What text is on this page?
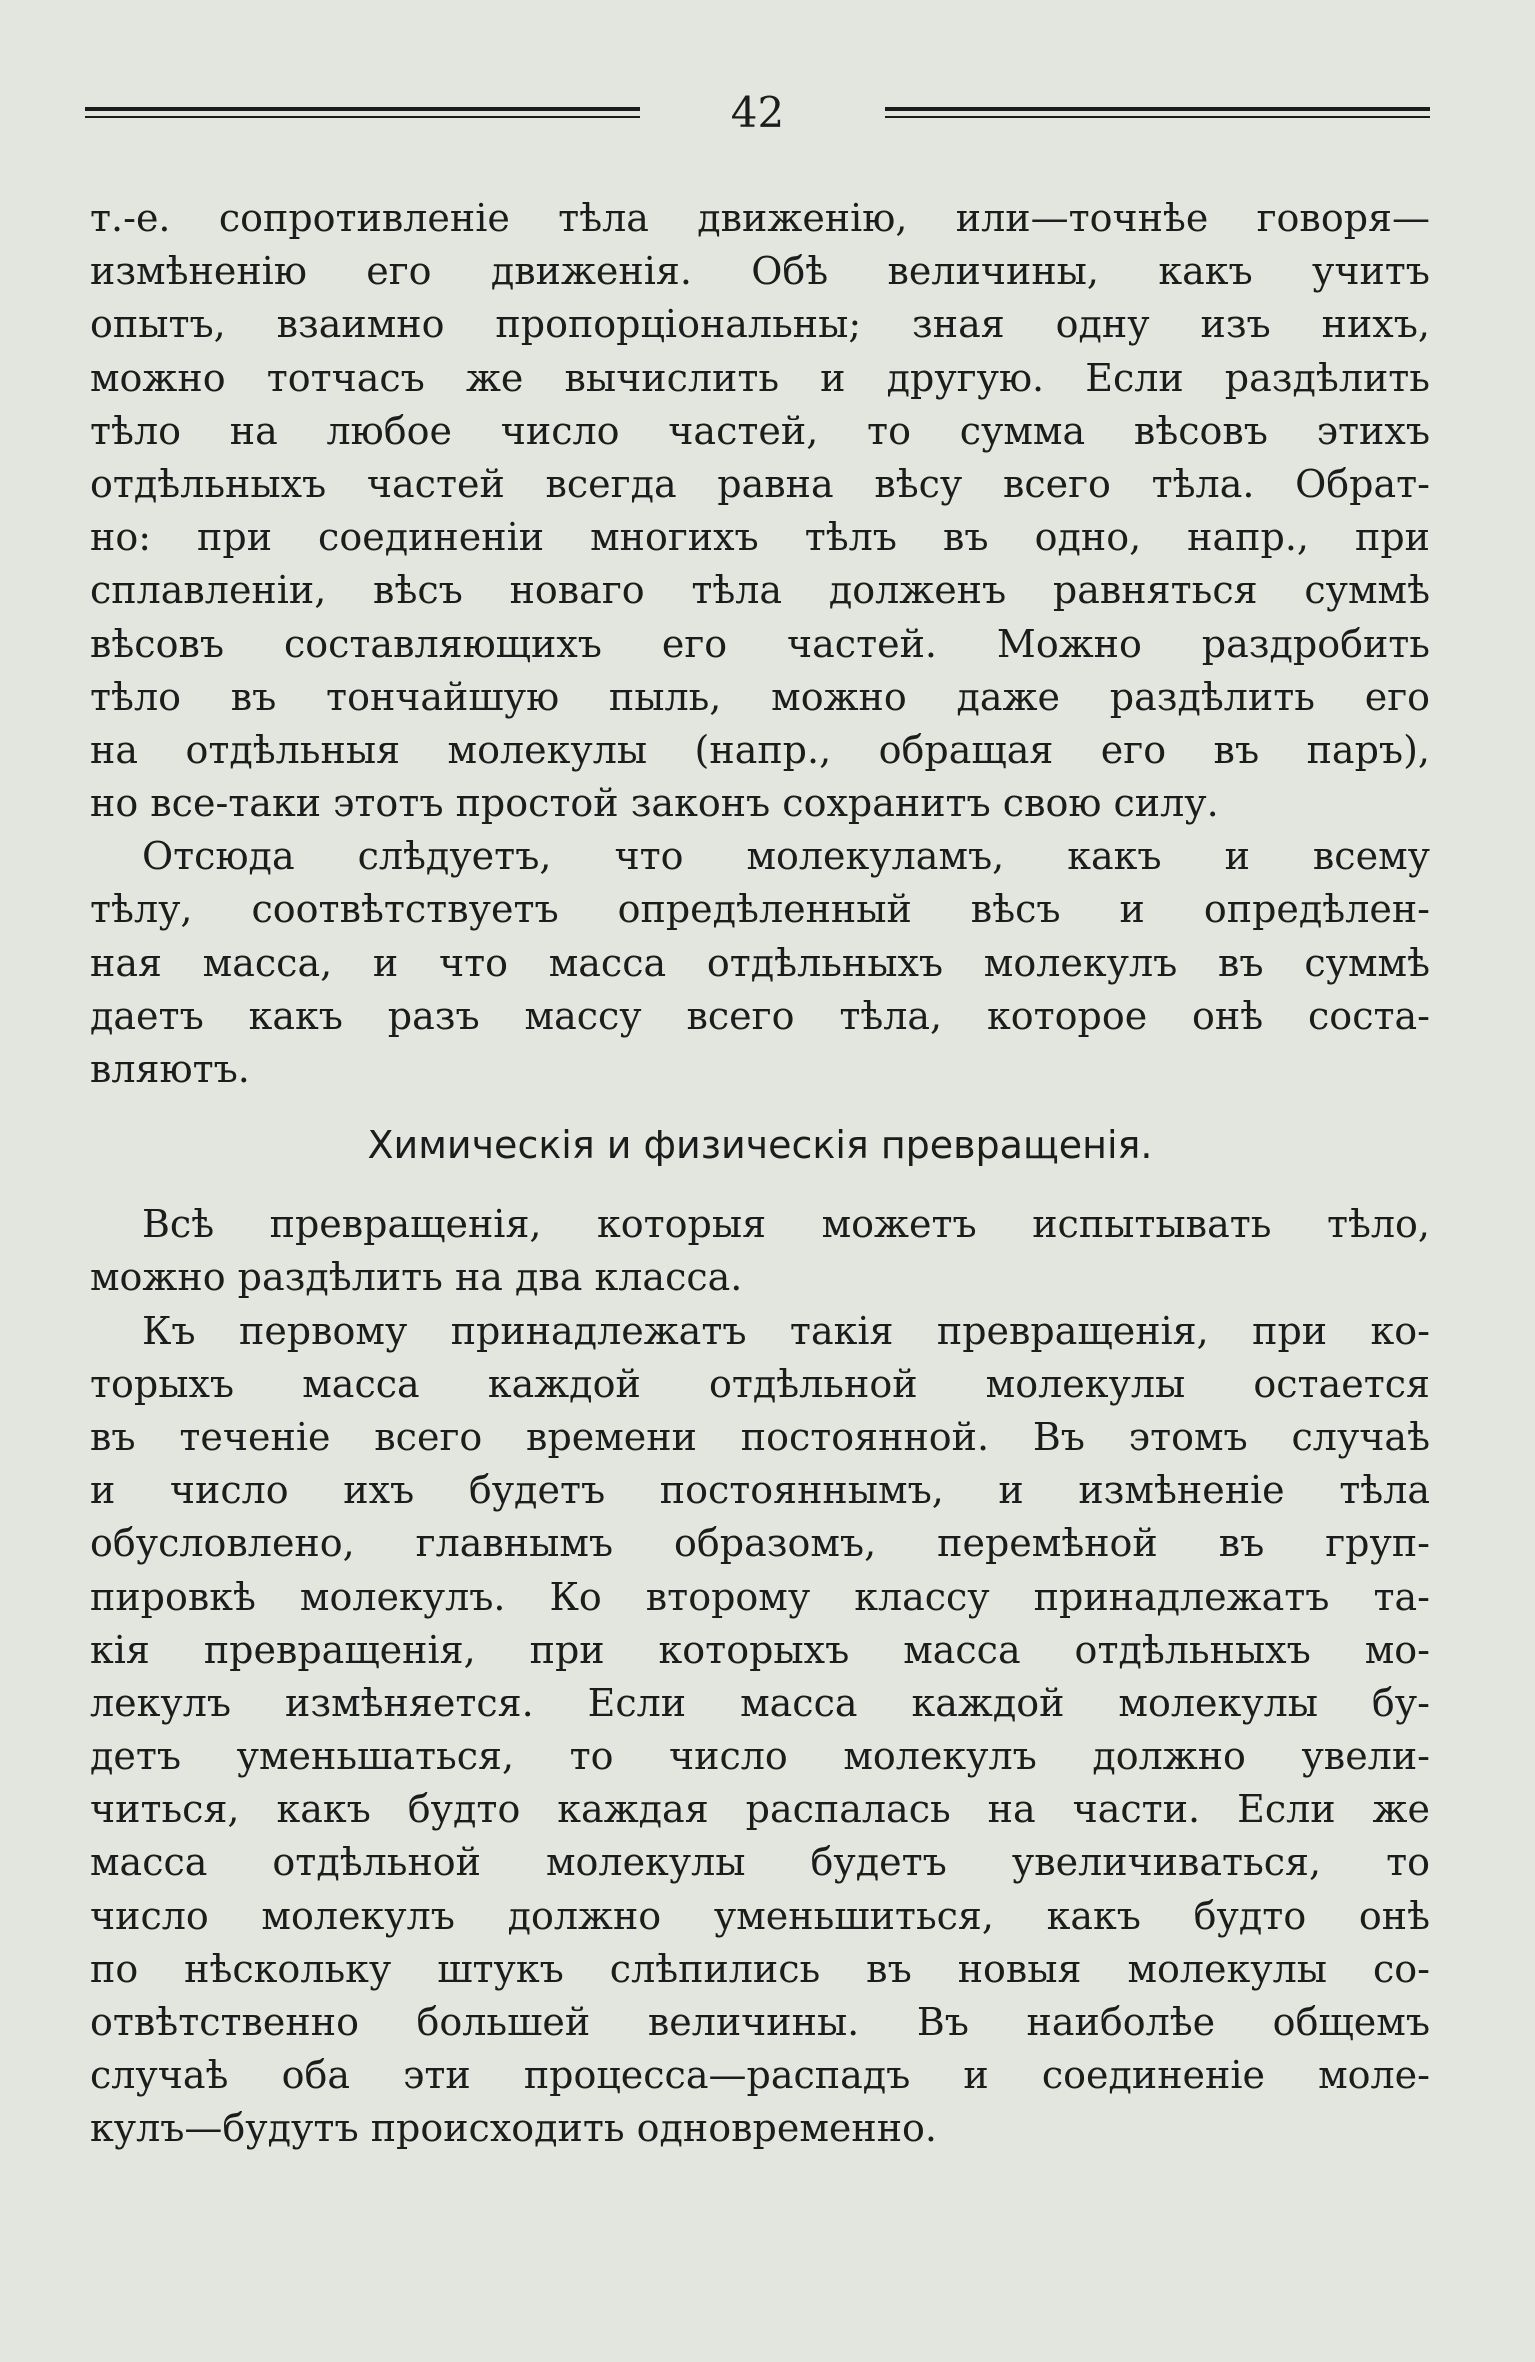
42
т.-е. сопротивленіе тѣла движенію, или—точнѣе говоря—
измѣненію его движенія. Обѣ величины, какъ учитъ
опытъ, взаимно пропорціональны; зная одну изъ нихъ,
можно тотчасъ же вычислить и другую. Если раздѣлить
тѣло на любое число частей, то сумма вѣсовъ этихъ
отдѣльныхъ частей всегда равна вѣсу всего тѣла. Обрат-
но: при соединеніи многихъ тѣлъ въ одно, напр., при
сплавленіи, вѣсъ новаго тѣла долженъ равняться суммѣ
вѣсовъ составляющихъ его частей. Можно раздробить
тѣло въ тончайшую пыль, можно даже раздѣлить его
на отдѣльныя молекулы (напр., обращая его въ паръ),
но все-таки этотъ простой законъ сохранитъ свою силу.
Отсюда слѣдуетъ, что молекуламъ, какъ и всему
тѣлу, соотвѣтствуетъ опредѣленный вѣсъ и опредѣлен-
ная масса, и что масса отдѣльныхъ молекулъ въ суммѣ
даетъ какъ разъ массу всего тѣла, которое онѣ соста-
вляютъ.
Химическія и физическія превращенія.
Всѣ превращенія, которыя можетъ испытывать тѣло,
можно раздѣлить на два класса.
Къ первому принадлежатъ такія превращенія, при ко-
торыхъ масса каждой отдѣльной молекулы остается
въ теченіе всего времени постоянной. Въ этомъ случаѣ
и число ихъ будетъ постояннымъ, и измѣненіе тѣла
обусловлено, главнымъ образомъ, перемѣной въ груп-
пировкѣ молекулъ. Ко второму классу принадлежатъ та-
кія превращенія, при которыхъ масса отдѣльныхъ мо-
лекулъ измѣняется. Если масса каждой молекулы бу-
детъ уменьшаться, то число молекулъ должно увели-
читься, какъ будто каждая распалась на части. Если же
масса отдѣльной молекулы будетъ увеличиваться, то
число молекулъ должно уменьшиться, какъ будто онѣ
по нѣскольку штукъ слѣпились въ новыя молекулы со-
отвѣтственно большей величины. Въ наиболѣе общемъ
случаѣ оба эти процесса—распадъ и соединеніе моле-
кулъ—будутъ происходить одновременно.
